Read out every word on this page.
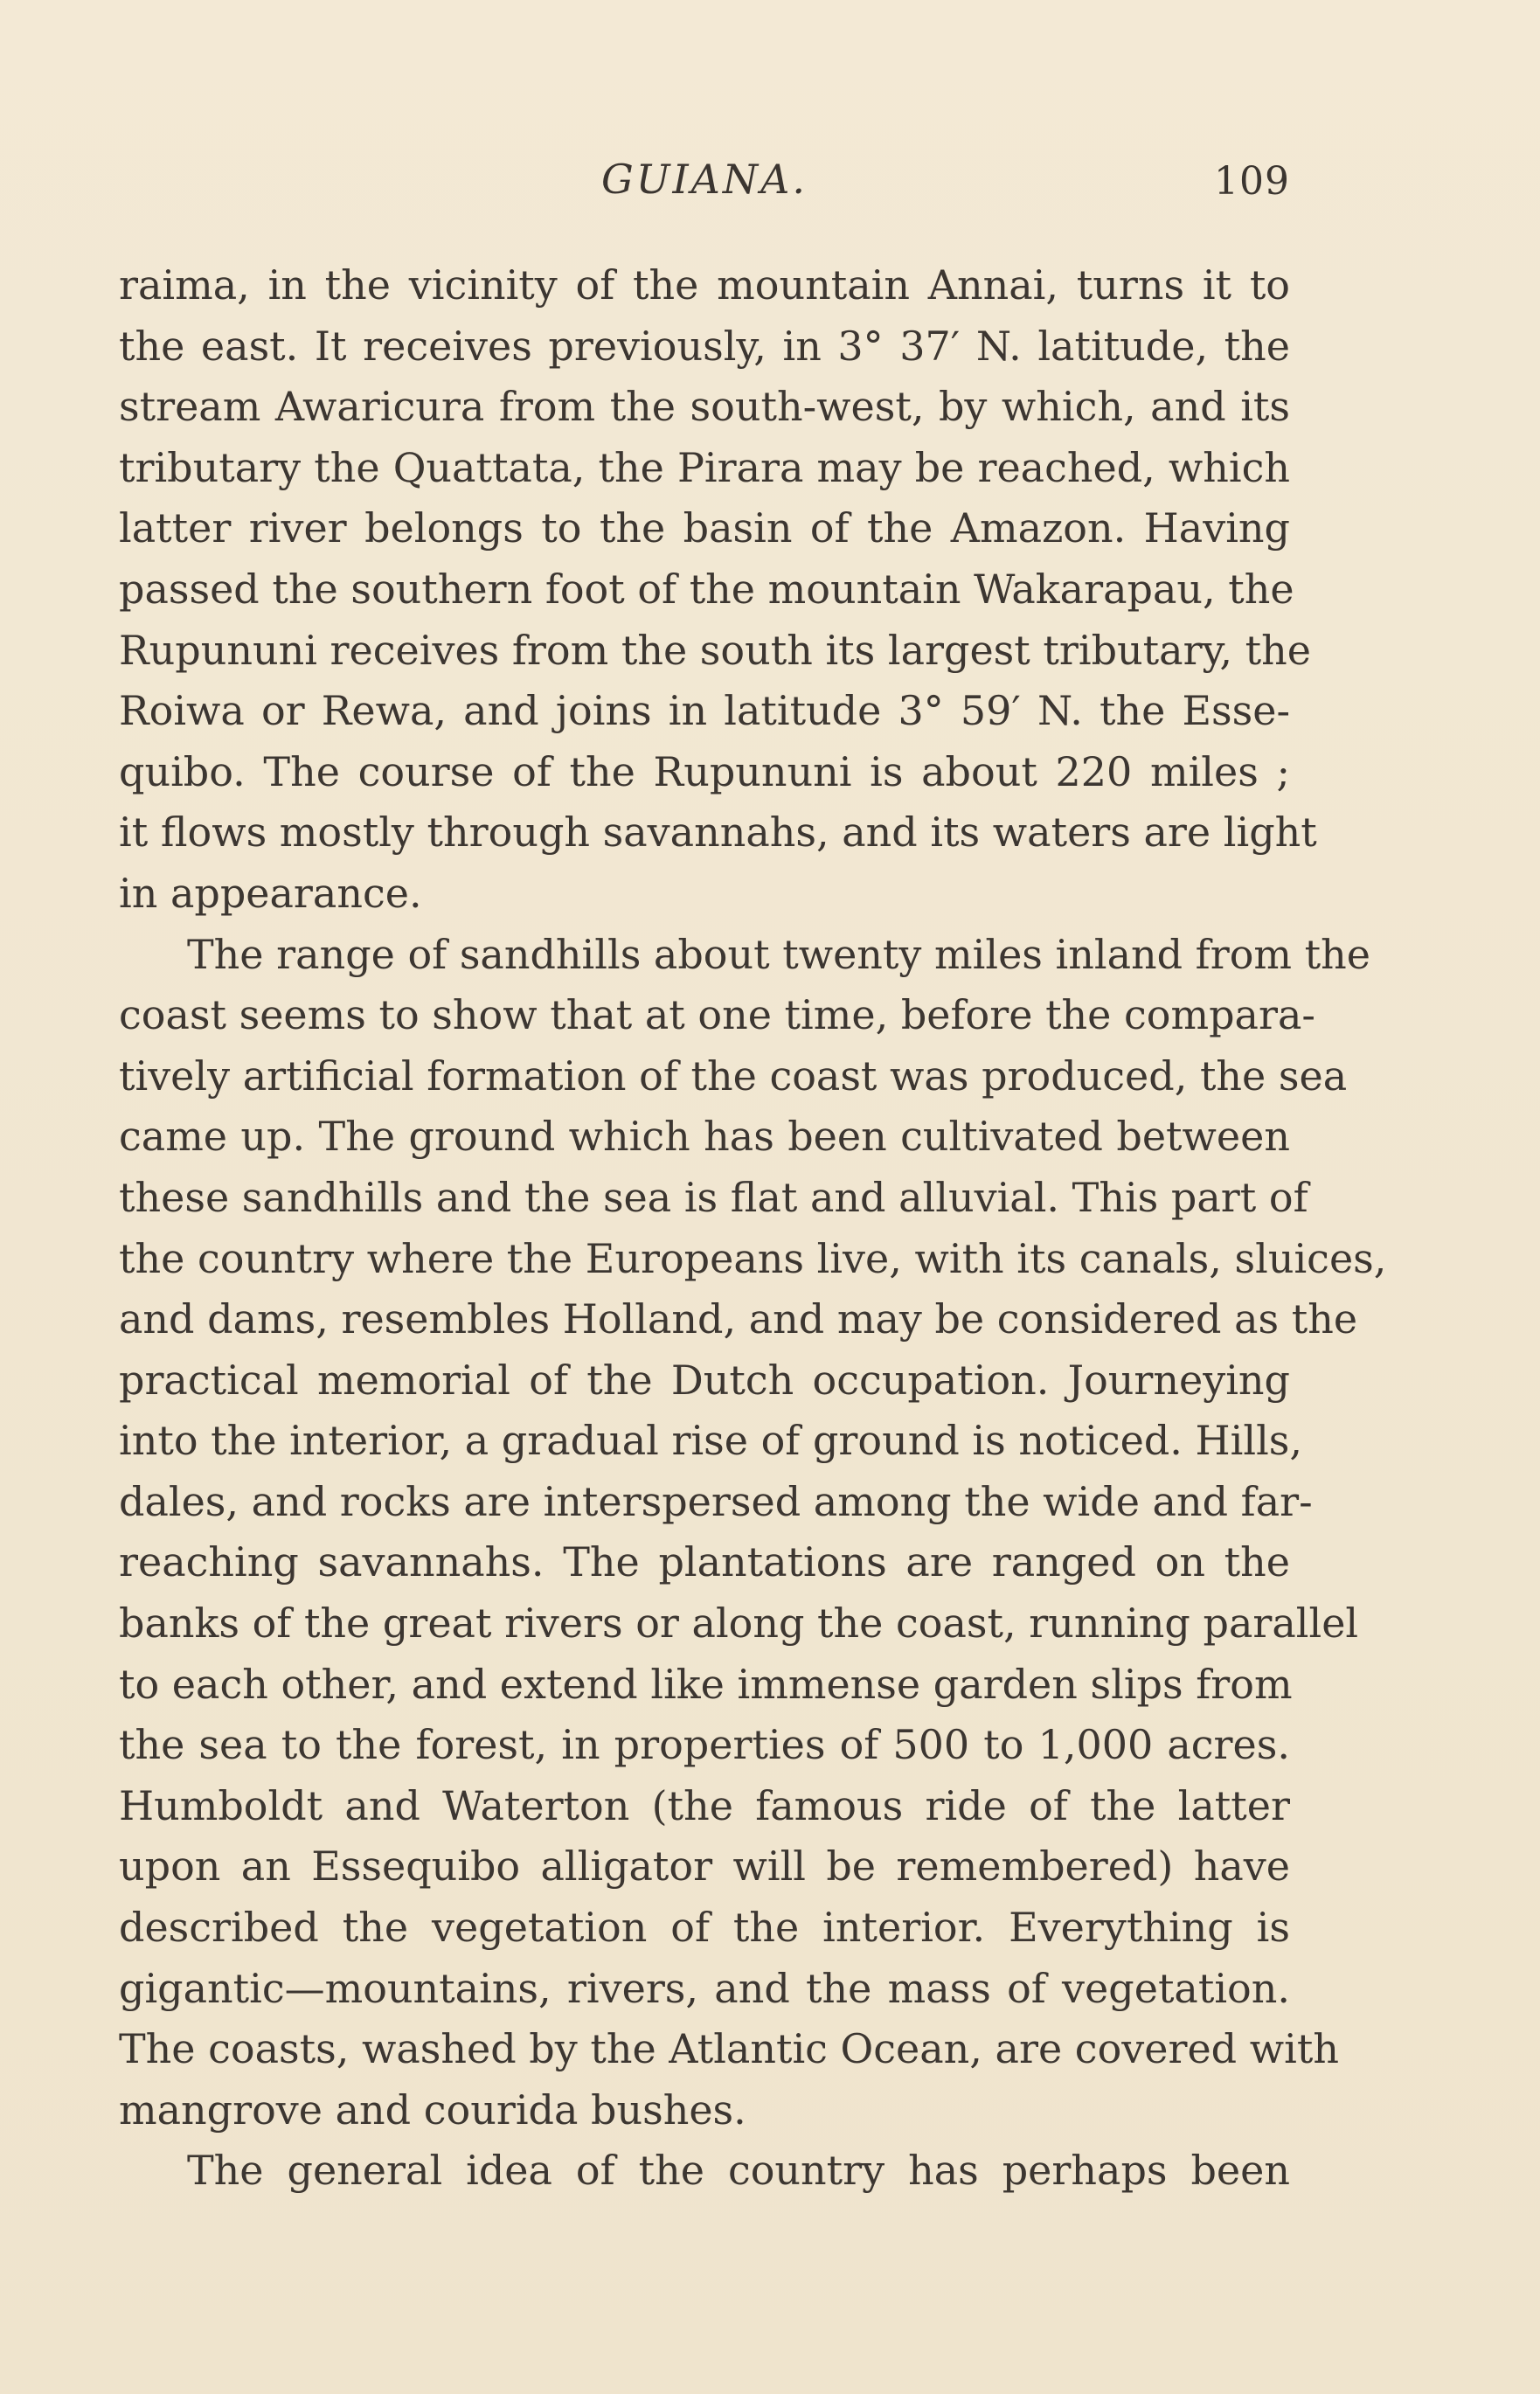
GUIANA.	109
raima, in the vicinity of the mountain Annai, turns it to
the east. It receives previously, in 3° 37′ N. latitude, the
stream Awaricura from the south-west, by which, and its
tributary the Quattata, the Pirara may be reached, which
latter river belongs to the basin of the Amazon. Having
passed the southern foot of the mountain Wakarapau, the
Rupununi receives from the south its largest tributary, the
Roiwa or Rewa, and joins in latitude 3° 59′ N. the Esse-
quibo. The course of the Rupununi is about 220 miles ;
it flows mostly through savannahs, and its waters are light
in appearance.
The range of sandhills about twenty miles inland from the
coast seems to show that at one time, before the compara-
tively artificial formation of the coast was produced, the sea
came up. The ground which has been cultivated between
these sandhills and the sea is flat and alluvial. This part of
the country where the Europeans live, with its canals, sluices,
and dams, resembles Holland, and may be considered as the
practical memorial of the Dutch occupation. Journeying
into the interior, a gradual rise of ground is noticed. Hills,
dales, and rocks are interspersed among the wide and far-
reaching savannahs. The plantations are ranged on the
banks of the great rivers or along the coast, running parallel
to each other, and extend like immense garden slips from
the sea to the forest, in properties of 500 to 1,000 acres.
Humboldt and Waterton (the famous ride of the latter
upon an Essequibo alligator will be remembered) have
described the vegetation of the interior. Everything is
gigantic—mountains, rivers, and the mass of vegetation.
The coasts, washed by the Atlantic Ocean, are covered with
mangrove and courida bushes.
The general idea of the country has perhaps been
